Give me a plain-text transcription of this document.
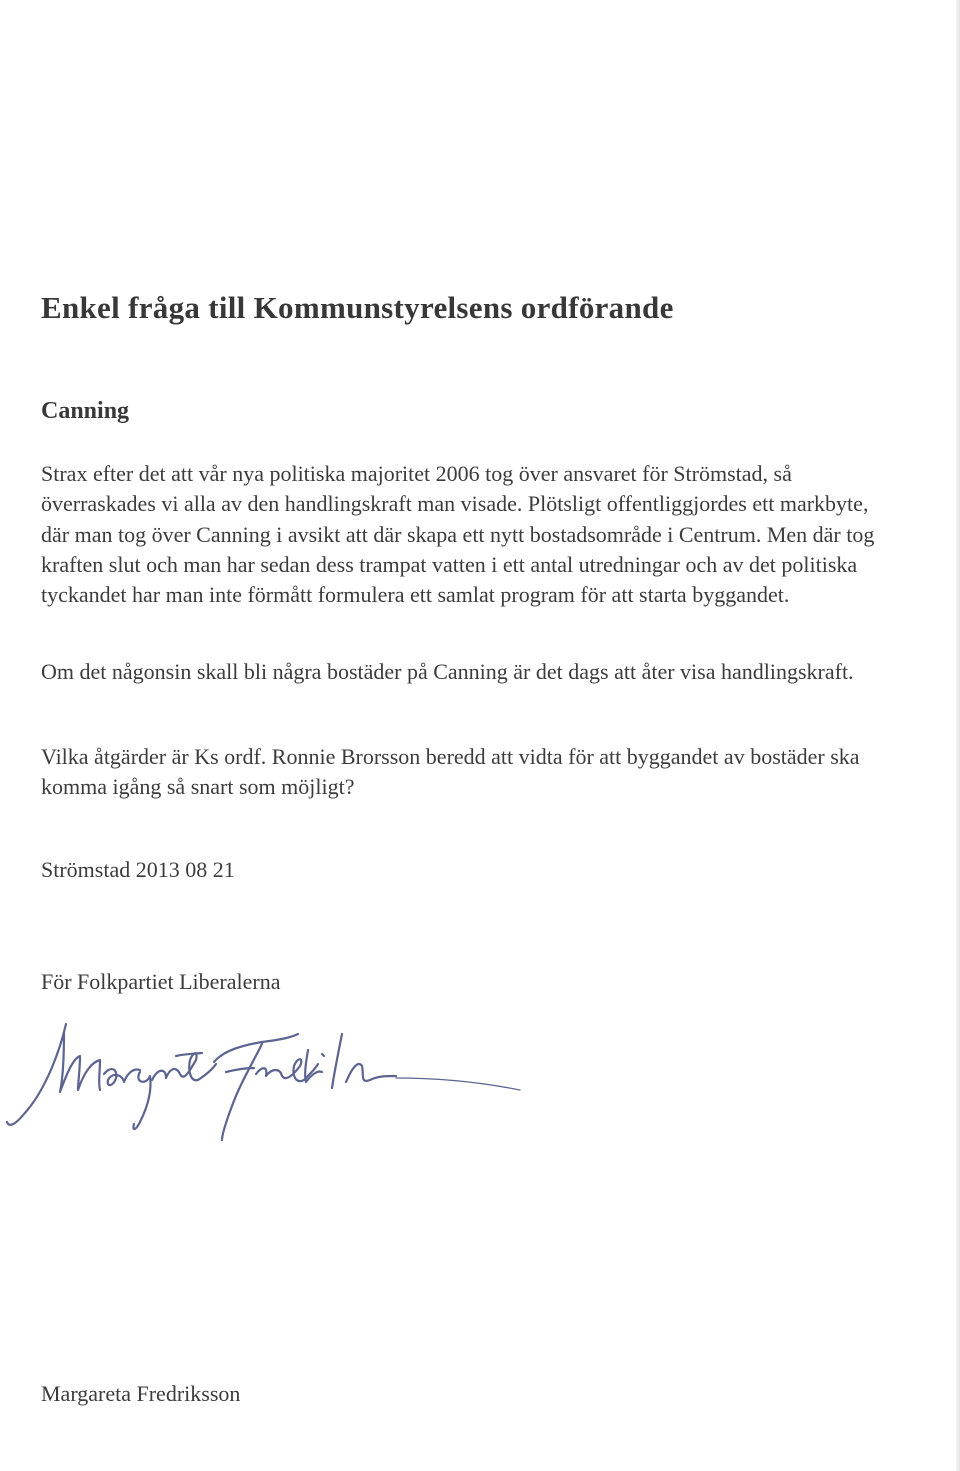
Enkel fråga till Kommunstyrelsens ordförande
Canning

Strax efter det att vår nya politiska majoritet 2006 tog över ansvaret för Strömstad, så överraskades vi alla av den handlingskraft man visade. Plötsligt offentliggjordes ett markbyte, där man tog över Canning i avsikt att där skapa ett nytt bostadsområde i Centrum. Men där tog kraften slut och man har sedan dess trampat vatten i ett antal utredningar och av det politiska tyckandet har man inte förmått formulera ett samlat program för att starta byggandet.

Om det någonsin skall bli några bostäder på Canning är det dags att åter visa handlingskraft.

Vilka åtgärder är Ks ordf. Ronnie Brorsson beredd att vidta för att byggandet av bostäder ska komma igång så snart som möjligt?

Strömstad 2013 08 21

För Folkpartiet Liberalerna

Margareta Fredriksson
